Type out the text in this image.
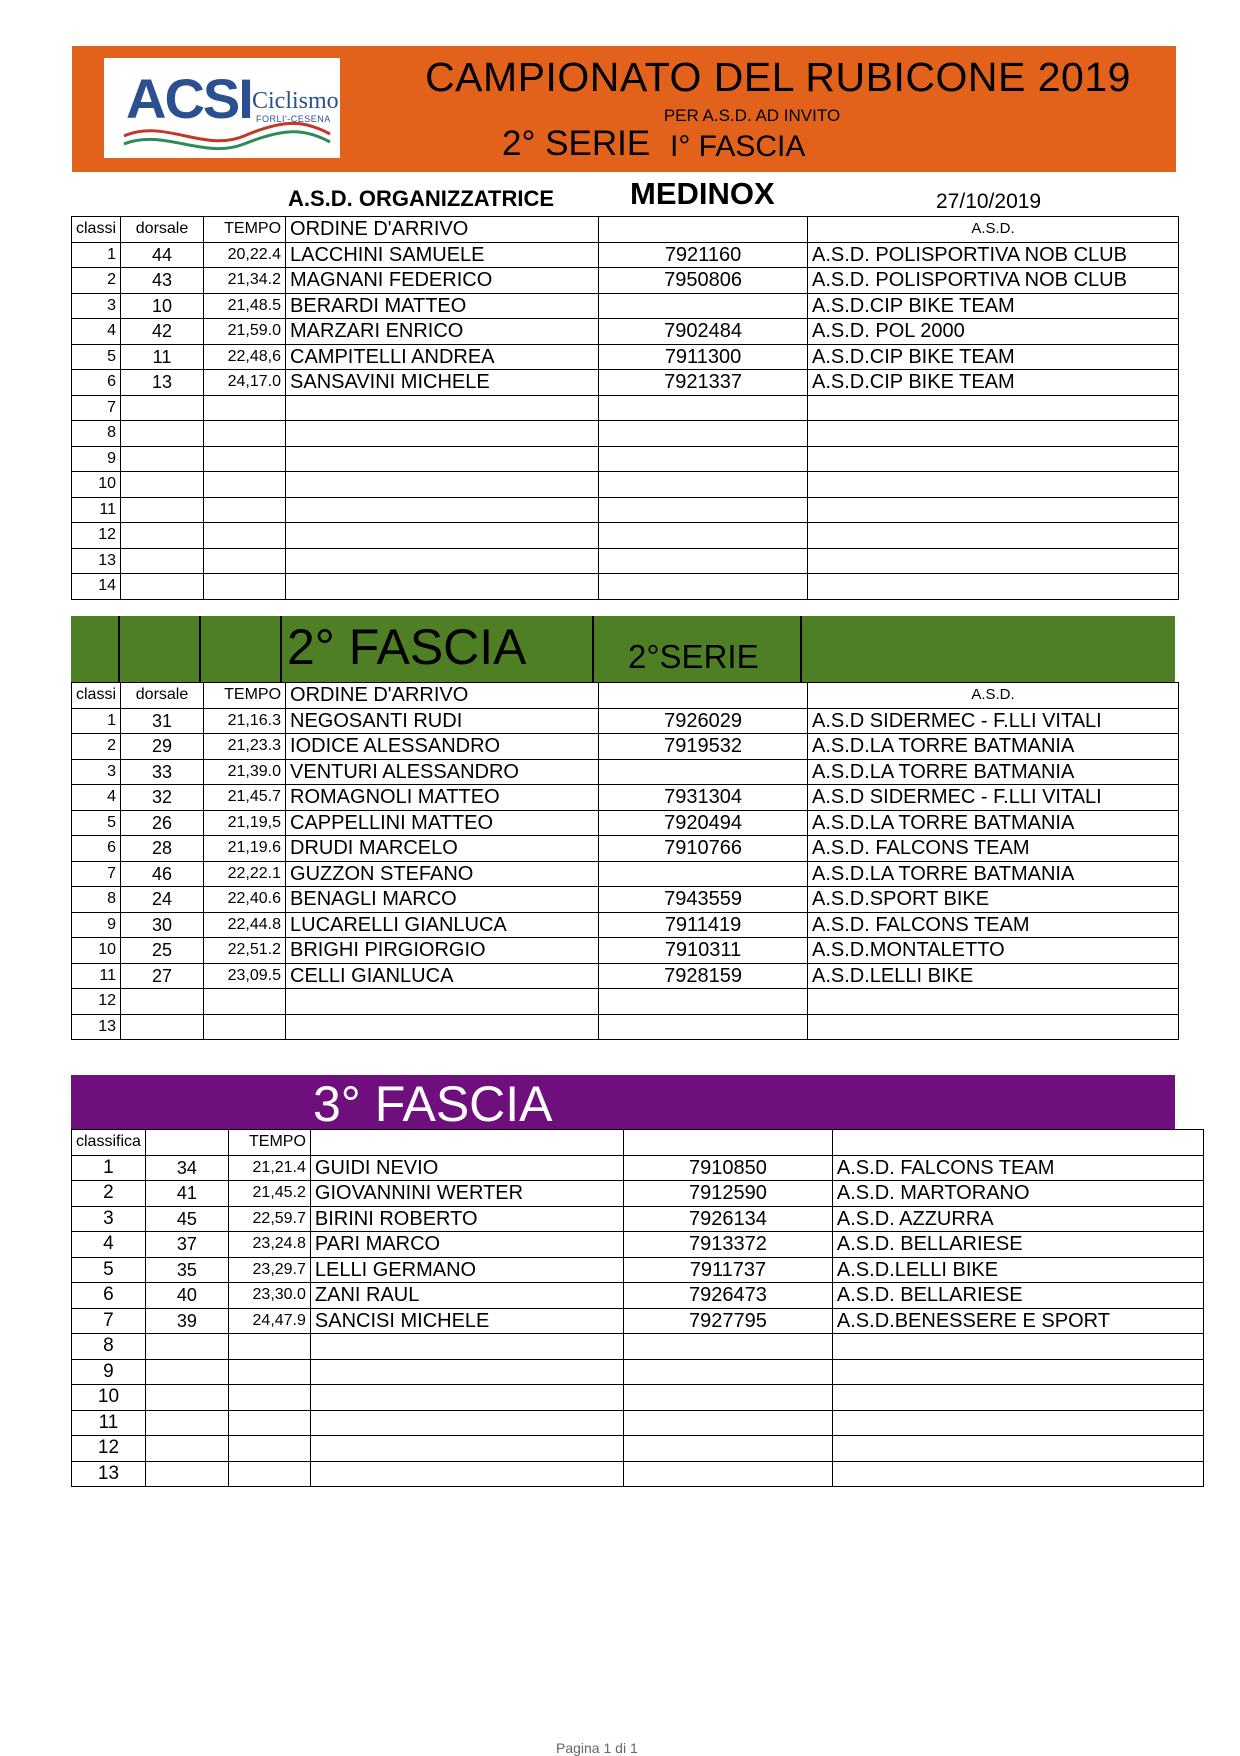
ACSI Ciclismo
FORLI'-CESENA
CAMPIONATO DEL RUBICONE 2019
PER A.S.D. AD INVITO
2° SERIE I° FASCIA
A.S.D. ORGANIZZATRICE MEDINOX	27/10/2019
classi	dorsale	TEMPO	ORDINE D'ARRIVO		A.S.D.
1	44	20,22.4	LACCHINI SAMUELE	7921160	A.S.D. POLISPORTIVA NOB CLUB
2	43	21,34.2	MAGNANI FEDERICO	7950806	A.S.D. POLISPORTIVA NOB CLUB
3	10	21,48.5	BERARDI MATTEO		A.S.D.CIP BIKE TEAM
4	42	21,59.0	MARZARI ENRICO	7902484	A.S.D. POL 2000
5	11	22,48,6	CAMPITELLI ANDREA	7911300	A.S.D.CIP BIKE TEAM
6	13	24,17.0	SANSAVINI MICHELE	7921337	A.S.D.CIP BIKE TEAM
7					
8					
9					
10					
11					
12					
13					
14					
2° FASCIA	2°SERIE
classi	dorsale	TEMPO	ORDINE D'ARRIVO		A.S.D.
1	31	21,16.3	NEGOSANTI RUDI	7926029	A.S.D SIDERMEC - F.LLI VITALI
2	29	21,23.3	IODICE ALESSANDRO	7919532	A.S.D.LA TORRE BATMANIA
3	33	21,39.0	VENTURI ALESSANDRO		A.S.D.LA TORRE BATMANIA
4	32	21,45.7	ROMAGNOLI MATTEO	7931304	A.S.D SIDERMEC - F.LLI VITALI
5	26	21,19,5	CAPPELLINI MATTEO	7920494	A.S.D.LA TORRE BATMANIA
6	28	21,19.6	DRUDI MARCELO	7910766	A.S.D. FALCONS TEAM
7	46	22,22.1	GUZZON STEFANO		A.S.D.LA TORRE BATMANIA
8	24	22,40.6	BENAGLI MARCO	7943559	A.S.D.SPORT BIKE
9	30	22,44.8	LUCARELLI GIANLUCA	7911419	A.S.D. FALCONS TEAM
10	25	22,51.2	BRIGHI PIRGIORGIO	7910311	A.S.D.MONTALETTO
11	27	23,09.5	CELLI GIANLUCA	7928159	A.S.D.LELLI BIKE
12					
13					
3° FASCIA
classifica		TEMPO			
1	34	21,21.4	GUIDI NEVIO	7910850	A.S.D. FALCONS TEAM
2	41	21,45.2	GIOVANNINI WERTER	7912590	A.S.D. MARTORANO
3	45	22,59.7	BIRINI ROBERTO	7926134	A.S.D. AZZURRA
4	37	23,24.8	PARI MARCO	7913372	A.S.D. BELLARIESE
5	35	23,29.7	LELLI GERMANO	7911737	A.S.D.LELLI BIKE
6	40	23,30.0	ZANI RAUL	7926473	A.S.D. BELLARIESE
7	39	24,47.9	SANCISI MICHELE	7927795	A.S.D.BENESSERE E SPORT
8					
9					
10					
11					
12					
13					
Pagina 1 di 1
